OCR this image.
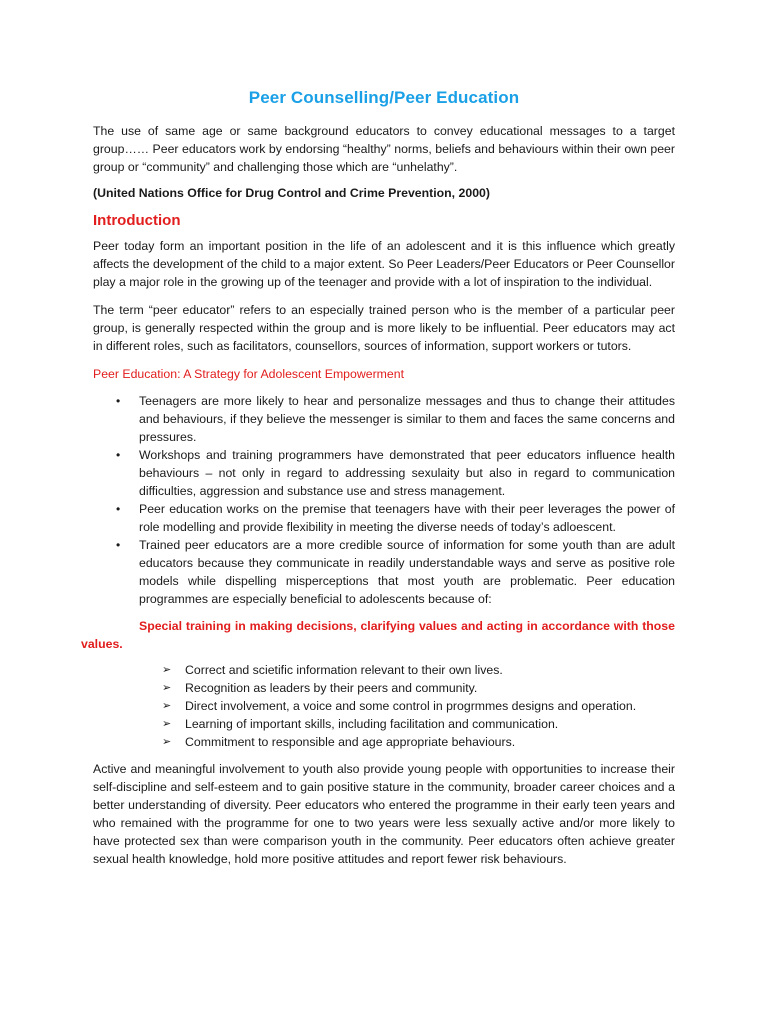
Peer Counselling/Peer Education

The use of same age or same background educators to convey educational messages to a target group…… Peer educators work by endorsing “healthy” norms, beliefs and behaviours within their own peer group or “community” and challenging those which are “unhelathy”.

(United Nations Office for Drug Control and Crime Prevention, 2000)

Introduction

Peer today form an important position in the life of an adolescent and it is this influence which greatly affects the development of the child to a major extent. So Peer Leaders/Peer Educators or Peer Counsellor play a major role in the growing up of the teenager and provide with a lot of inspiration to the individual.

The term “peer educator” refers to an especially trained person who is the member of a particular peer group, is generally respected within the group and is more likely to be influential. Peer educators may act in different roles, such as facilitators, counsellors, sources of information, support workers or tutors.

Peer Education: A Strategy for Adolescent Empowerment
• Teenagers are more likely to hear and personalize messages and thus to change their attitudes and behaviours, if they believe the messenger is similar to them and faces the same concerns and pressures.
• Workshops and training programmers have demonstrated that peer educators influence health behaviours – not only in regard to addressing sexulaity but also in regard to communication difficulties, aggression and substance use and stress management.
• Peer education works on the premise that teenagers have with their peer leverages the power of role modelling and provide flexibility in meeting the diverse needs of today’s adloescent.
• Trained peer educators are a more credible source of information for some youth than are adult educators because they communicate in readily understandable ways and serve as positive role models while dispelling misperceptions that most youth are problematic. Peer education programmes are especially beneficial to adolescents because of:
Special training in making decisions, clarifying values and acting in accordance with those values.
➢ Correct and scietific information relevant to their own lives.
➢ Recognition as leaders by their peers and community.
➢ Direct involvement, a voice and some control in progrmmes designs and operation.
➢ Learning of important skills, including facilitation and communication.
➢ Commitment to responsible and age appropriate behaviours.

Active and meaningful involvement to youth also provide young people with opportunities to increase their self-discipline and self-esteem and to gain positive stature in the community, broader career choices and a better understanding of diversity. Peer educators who entered the programme in their early teen years and who remained with the programme for one to two years were less sexually active and/or more likely to have protected sex than were comparison youth in the community. Peer educators often achieve greater sexual health knowledge, hold more positive attitudes and report fewer risk behaviours.
